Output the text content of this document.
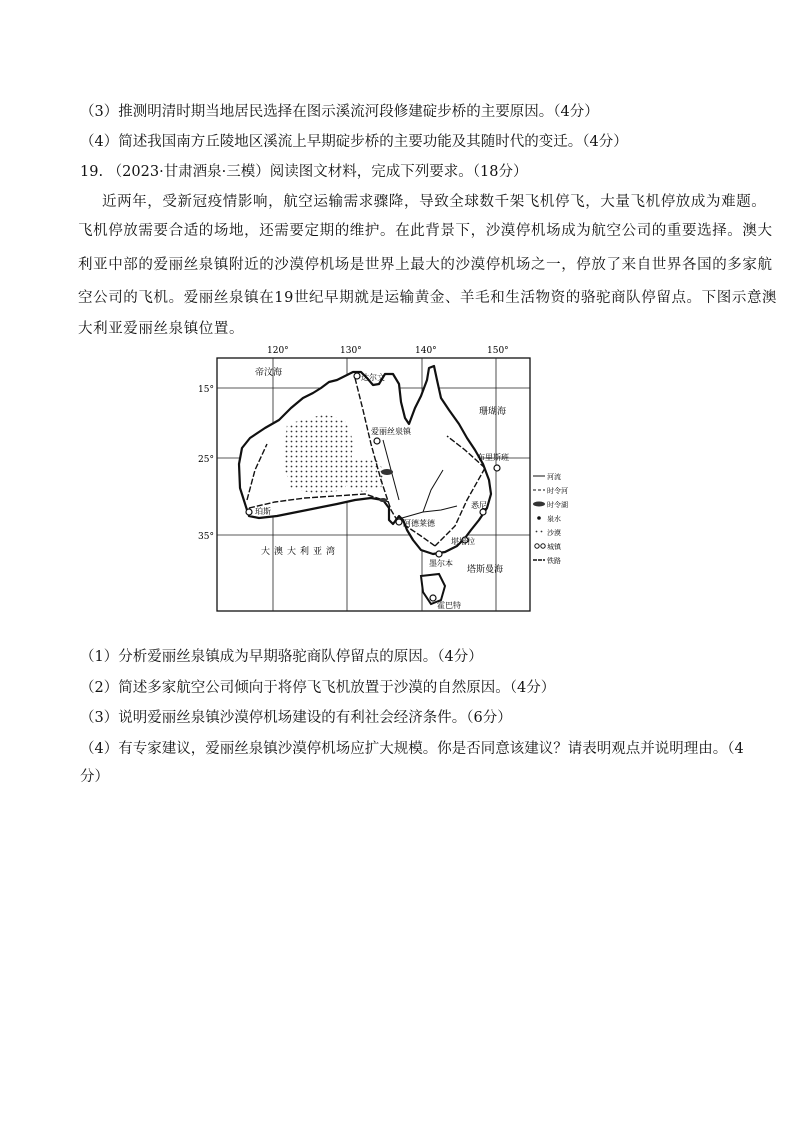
（3）推测明清时期当地居民选择在图示溪流河段修建碇步桥的主要原因。（4分）
（4）简述我国南方丘陵地区溪流上早期碇步桥的主要功能及其随时代的变迁。（4分）
19. （2023·甘肃酒泉·三模）阅读图文材料，完成下列要求。（18分）
近两年，受新冠疫情影响，航空运输需求骤降，导致全球数千架飞机停飞，大量飞机停放成为难题。
飞机停放需要合适的场地，还需要定期的维护。在此背景下，沙漠停机场成为航空公司的重要选择。澳大
利亚中部的爱丽丝泉镇附近的沙漠停机场是世界上最大的沙漠停机场之一，停放了来自世界各国的多家航
空公司的飞机。爱丽丝泉镇在19世纪早期就是运输黄金、羊毛和生活物资的骆驼商队停留点。下图示意澳
大利亚爱丽丝泉镇位置。
120°	130°	140°	150°
15°
25°
35°
帝汶海
珊瑚海
大澳大利亚湾
塔斯曼海
达尔文
爱丽丝泉镇
布里斯班
珀斯
阿德莱德
悉尼
堪培拉
墨尔本
霍巴特
河流
时令河
时令湖
泉水
沙漠
城镇
铁路
（1）分析爱丽丝泉镇成为早期骆驼商队停留点的原因。（4分）
（2）简述多家航空公司倾向于将停飞飞机放置于沙漠的自然原因。（4分）
（3）说明爱丽丝泉镇沙漠停机场建设的有利社会经济条件。（6分）
（4）有专家建议，爱丽丝泉镇沙漠停机场应扩大规模。你是否同意该建议？请表明观点并说明理由。（4
分）
